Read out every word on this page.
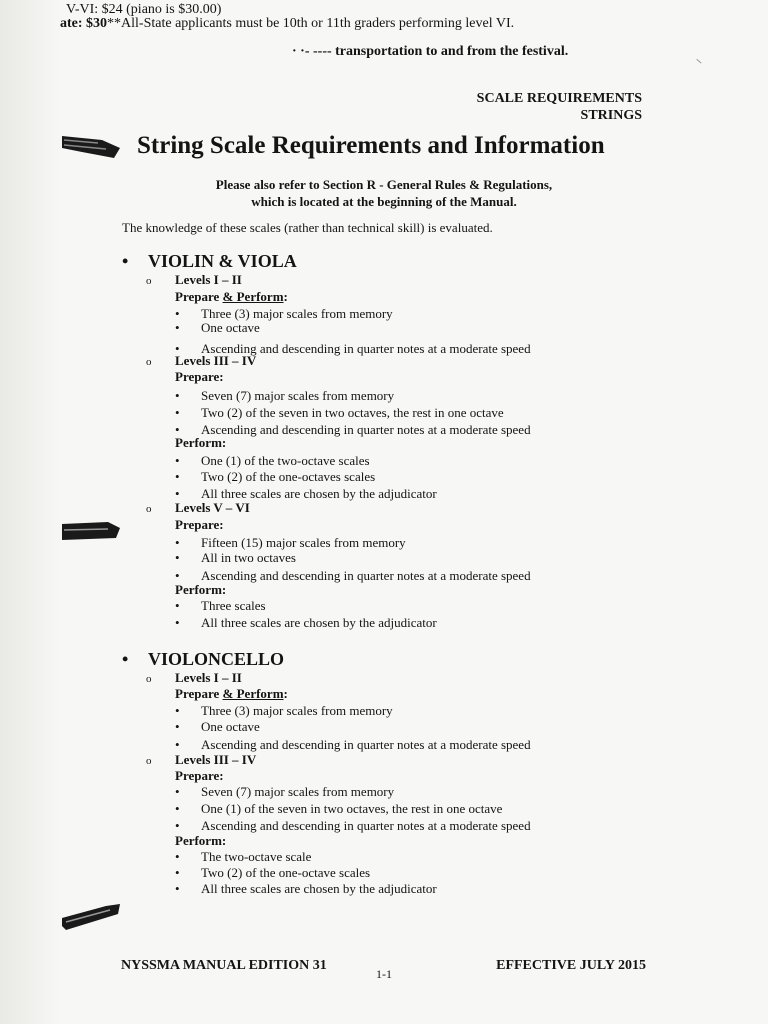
V-VI: $24 (piano is $30.00)
ate: $30**All-State applicants must be 10th or 11th graders performing level VI.
· ·- ---- transportation to and from the festival.
SCALE REQUIREMENTS
STRINGS
String Scale Requirements and Information
Please also refer to Section R - General Rules & Regulations,
which is located at the beginning of the Manual.
The knowledge of these scales (rather than technical skill) is evaluated.
• VIOLIN & VIOLA
o Levels I – II
Prepare & Perform:
• Three (3) major scales from memory
• One octave
• Ascending and descending in quarter notes at a moderate speed
o Levels III – IV
Prepare:
• Seven (7) major scales from memory
• Two (2) of the seven in two octaves, the rest in one octave
• Ascending and descending in quarter notes at a moderate speed
Perform:
• One (1) of the two-octave scales
• Two (2) of the one-octaves scales
• All three scales are chosen by the adjudicator
o Levels V – VI
Prepare:
• Fifteen (15) major scales from memory
• All in two octaves
• Ascending and descending in quarter notes at a moderate speed
Perform:
• Three scales
• All three scales are chosen by the adjudicator
• VIOLONCELLO
o Levels I – II
Prepare & Perform:
• Three (3) major scales from memory
• One octave
• Ascending and descending in quarter notes at a moderate speed
o Levels III – IV
Prepare:
• Seven (7) major scales from memory
• One (1) of the seven in two octaves, the rest in one octave
• Ascending and descending in quarter notes at a moderate speed
Perform:
• The two-octave scale
• Two (2) of the one-octave scales
• All three scales are chosen by the adjudicator
NYSSMA MANUAL EDITION 31
1-1
EFFECTIVE JULY 2015
